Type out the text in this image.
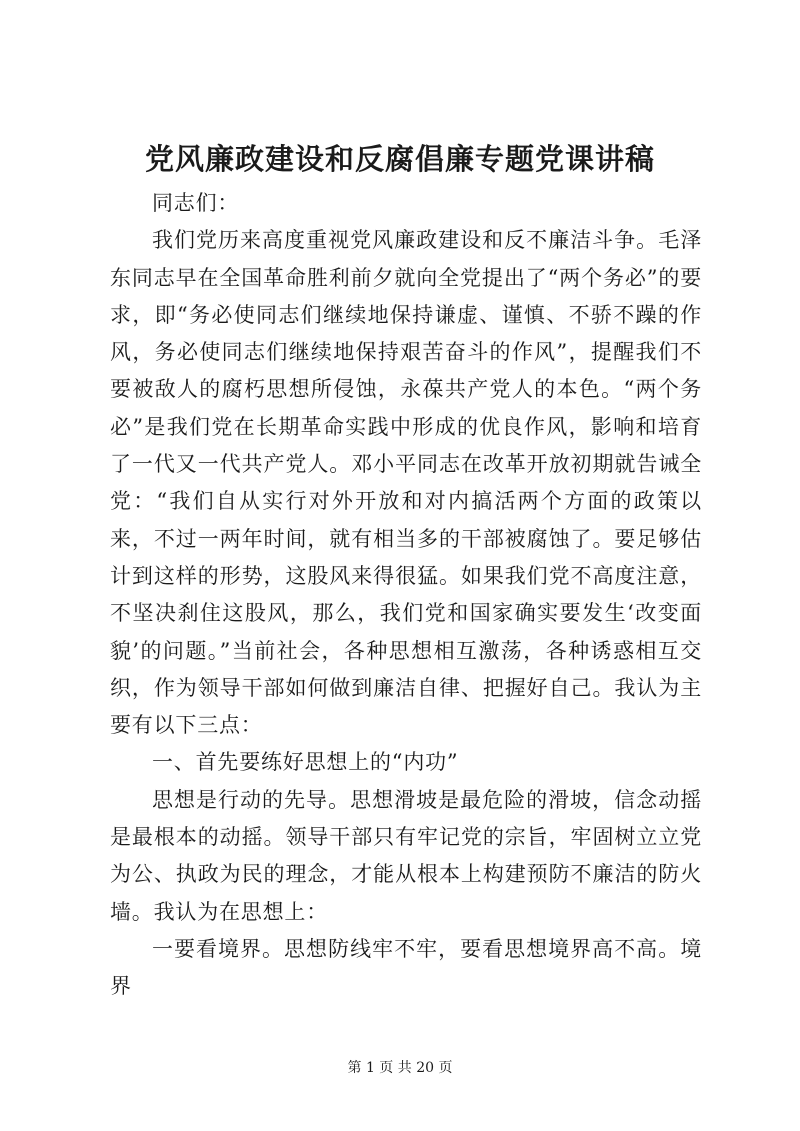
党风廉政建设和反腐倡廉专题党课讲稿

同志们：

我们党历来高度重视党风廉政建设和反不廉洁斗争。毛泽东同志早在全国革命胜利前夕就向全党提出了“两个务必”的要求，即“务必使同志们继续地保持谦虚、谨慎、不骄不躁的作风，务必使同志们继续地保持艰苦奋斗的作风”，提醒我们不要被敌人的腐朽思想所侵蚀，永葆共产党人的本色。“两个务必”是我们党在长期革命实践中形成的优良作风，影响和培育了一代又一代共产党人。邓小平同志在改革开放初期就告诫全党：“我们自从实行对外开放和对内搞活两个方面的政策以来，不过一两年时间，就有相当多的干部被腐蚀了。要足够估计到这样的形势，这股风来得很猛。如果我们党不高度注意，不坚决刹住这股风，那么，我们党和国家确实要发生‘改变面貌’的问题。”当前社会，各种思想相互激荡，各种诱惑相互交织，作为领导干部如何做到廉洁自律、把握好自己。我认为主要有以下三点：

一、首先要练好思想上的“内功”

思想是行动的先导。思想滑坡是最危险的滑坡，信念动摇是最根本的动摇。领导干部只有牢记党的宗旨，牢固树立立党为公、执政为民的理念，才能从根本上构建预防不廉洁的防火墙。我认为在思想上：

一要看境界。思想防线牢不牢，要看思想境界高不高。境界

第 1 页 共 20 页
